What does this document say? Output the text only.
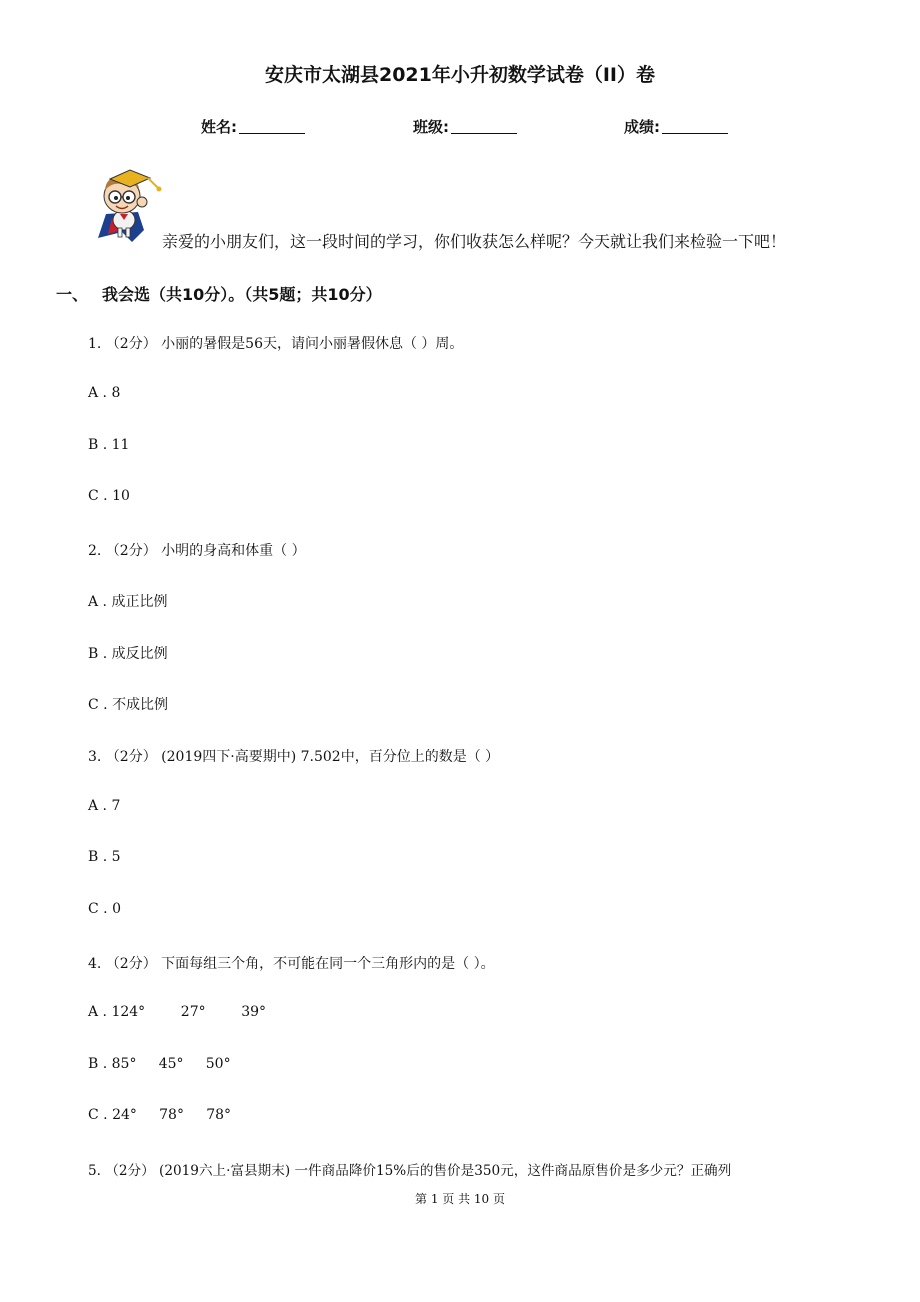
安庆市太湖县2021年小升初数学试卷（II）卷
姓名:	班级:	成绩:
亲爱的小朋友们，这一段时间的学习，你们收获怎么样呢？今天就让我们来检验一下吧！
一、 我会选（共10分）。（共5题；共10分）
1. （2分） 小丽的暑假是56天，请问小丽暑假休息（ ）周。
A . 8
B . 11
C . 10
2. （2分） 小明的身高和体重（ ）
A . 成正比例
B . 成反比例
C . 不成比例
3. （2分） (2019四下·高要期中) 7.502中，百分位上的数是（ ）
A . 7
B . 5
C . 0
4. （2分） 下面每组三个角，不可能在同一个三角形内的是（ ）。
A . 124°        27°        39°
B . 85°     45°     50°
C . 24°     78°     78°
5. （2分） (2019六上·富县期末) 一件商品降价15%后的售价是350元，这件商品原售价是多少元？正确列
第 1 页 共 10 页
